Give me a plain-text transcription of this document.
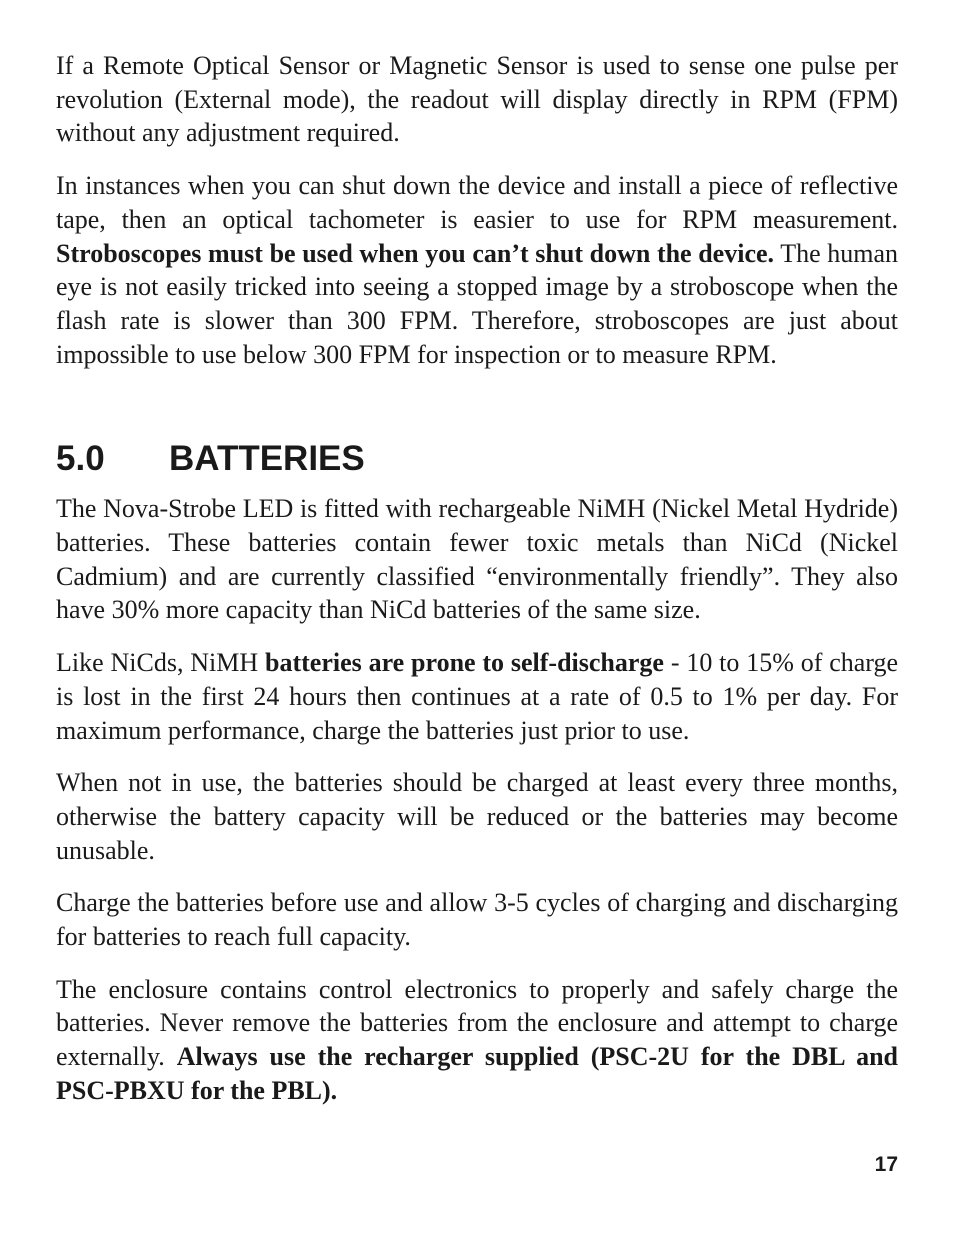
If a Remote Optical Sensor or Magnetic Sensor is used to sense one pulse per revolution (External mode), the readout will display directly in RPM (FPM) without any adjustment required.

In instances when you can shut down the device and install a piece of reflective tape, then an optical tachometer is easier to use for RPM measurement. Stroboscopes must be used when you can’t shut down the device. The human eye is not easily tricked into seeing a stopped image by a stroboscope when the flash rate is slower than 300 FPM. Therefore, stroboscopes are just about impossible to use below 300 FPM for inspection or to measure RPM.

5.0	BATTERIES

The Nova-Strobe LED is fitted with rechargeable NiMH (Nickel Metal Hydride) batteries. These batteries contain fewer toxic metals than NiCd (Nickel Cadmium) and are currently classified “environmentally friendly”. They also have 30% more capacity than NiCd batteries of the same size.

Like NiCds, NiMH batteries are prone to self-discharge - 10 to 15% of charge is lost in the first 24 hours then continues at a rate of 0.5 to 1% per day. For maximum performance, charge the batteries just prior to use.

When not in use, the batteries should be charged at least every three months, otherwise the battery capacity will be reduced or the batteries may become unusable.

Charge the batteries before use and allow 3-5 cycles of charging and discharging for batteries to reach full capacity.

The enclosure contains control electronics to properly and safely charge the batteries. Never remove the batteries from the enclosure and attempt to charge externally. Always use the recharger supplied (PSC-2U for the DBL and PSC-PBXU for the PBL).

17
